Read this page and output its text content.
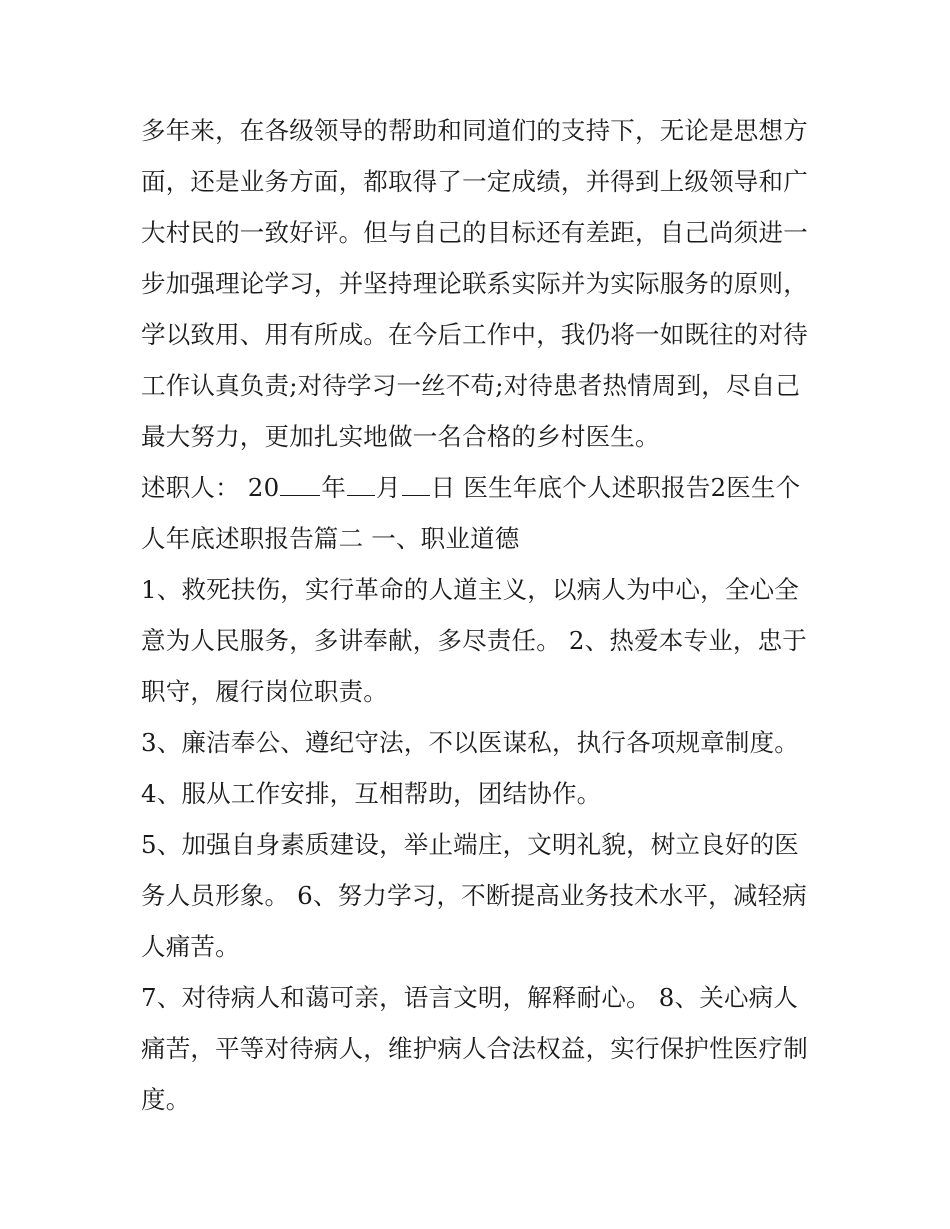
多年来，在各级领导的帮助和同道们的支持下，无论是思想方面，还是业务方面，都取得了一定成绩，并得到上级领导和广大村民的一致好评。但与自己的目标还有差距，自己尚须进一步加强理论学习，并坚持理论联系实际并为实际服务的原则，学以致用、用有所成。在今后工作中，我仍将一如既往的对待工作认真负责;对待学习一丝不苟;对待患者热情周到，尽自己最大努力，更加扎实地做一名合格的乡村医生。

述职人： 20 年 月 日 医生年底个人述职报告2医生个人年底述职报告篇二 一、职业道德

1、救死扶伤，实行革命的人道主义，以病人为中心，全心全意为人民服务，多讲奉献，多尽责任。 2、热爱本专业，忠于职守，履行岗位职责。

3、廉洁奉公、遵纪守法，不以医谋私，执行各项规章制度。

4、服从工作安排，互相帮助，团结协作。

5、加强自身素质建设，举止端庄，文明礼貌，树立良好的医务人员形象。 6、努力学习，不断提高业务技术水平，减轻病人痛苦。

7、对待病人和蔼可亲，语言文明，解释耐心。 8、关心病人痛苦，平等对待病人，维护病人合法权益，实行保护性医疗制度。
